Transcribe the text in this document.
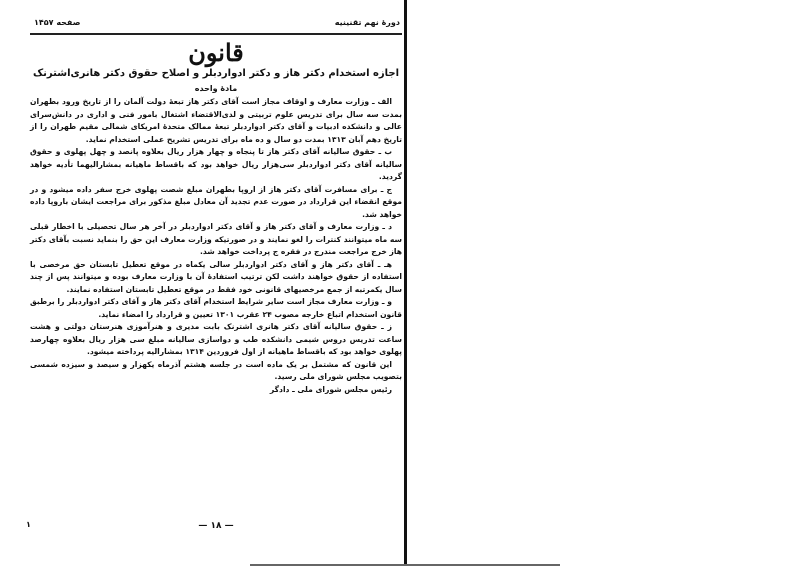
دورهٔ نهم تقنینیه
صفحه ۱۴۵۷
قانون
اجازه استخدام دکتر هاز و دکتر ادواردبلر و اصلاح حقوق دکتر هانری‌اشترنک
مادهٔ واحده

الف ـ وزارت معارف و اوقاف مجاز است آقای دکتر هاز تبعهٔ دولت آلمان را از تاریخ ورود بطهران بمدت سه سال برای تدریس علوم تربیتی و لدی‌الاقتضاء اشتغال بامور فنی و اداری در دانش‌سرای عالی و دانشکده ادبیات و آقای دکتر ادواردبلر تبعهٔ ممالک متحدهٔ امریکای شمالی مقیم طهران را از تاریخ دهم آبان ۱۳۱۳ بمدت دو سال و ده ماه برای تدریس تشریح عملی استخدام نماید.

ب ـ حقوق سالیانه آقای دکتر هاز تا پنجاه و چهار هزار ریال بعلاوه پانصد و چهل پهلوی و حقوق سالیانه آقای دکتر ادواردبلر سی‌هزار ریال خواهد بود که باقساط ماهیانه بمشارالیهما تأدیه خواهد گردید.

ج ـ برای مسافرت آقای دکتر هاز از اروپا بطهران مبلغ شصت پهلوی خرج سفر داده میشود و در موقع انقضاء این قرارداد در صورت عدم تجدید آن معادل مبلغ مذکور برای مراجعت ایشان باروپا داده خواهد شد.

د ـ وزارت معارف و آقای دکتر هاز و آقای دکتر ادواردبلر در آخر هر سال تحصیلی با اخطار قبلی سه ماه میتوانند کنترات را لغو نمایند و در صورتیکه وزارت معارف این حق را بنماید نسبت بآقای دکتر هاز خرج مراجعت مندرج در فقره ج پرداخت خواهد شد.

هـ ـ آقای دکتر هاز و آقای دکتر ادواردبلر سالی یکماه در موقع تعطیل تابستان حق مرخصی با استفاده از حقوق خواهند داشت لکن ترتیب استفادهٔ آن با وزارت معارف بوده و میتوانند پس از چند سال یکمرتبه از جمع مرخصیهای قانونی خود فقط در موقع تعطیل تابستان استفاده نمایند.

و ـ وزارت معارف مجاز است سایر شرایط استخدام آقای دکتر هاز و آقای دکتر ادواردبلر را برطبق قانون استخدام اتباع خارجه مصوب ۲۴ عقرب ۱۳۰۱ تعیین و قرارداد را امضاء نماید.

ز ـ حقوق سالیانه آقای دکتر هانری اشترنک بابت مدیری و هنرآموزی هنرستان دولتی و هشت ساعت تدریس دروس شیمی دانشکده طب و دواسازی سالیانه مبلغ سی هزار ریال بعلاوه چهارصد پهلوی خواهد بود که باقساط ماهیانه از اول فروردین ۱۳۱۴ بمشارالیه پرداخته میشود.

این قانون که مشتمل بر یک ماده است در جلسه هشتم آذرماه یکهزار و سیصد و سیزده شمسی بتصویب مجلس شورای ملی رسید.

رئیس مجلس شورای ملی ـ دادگر

— ۱۸ —
۱
